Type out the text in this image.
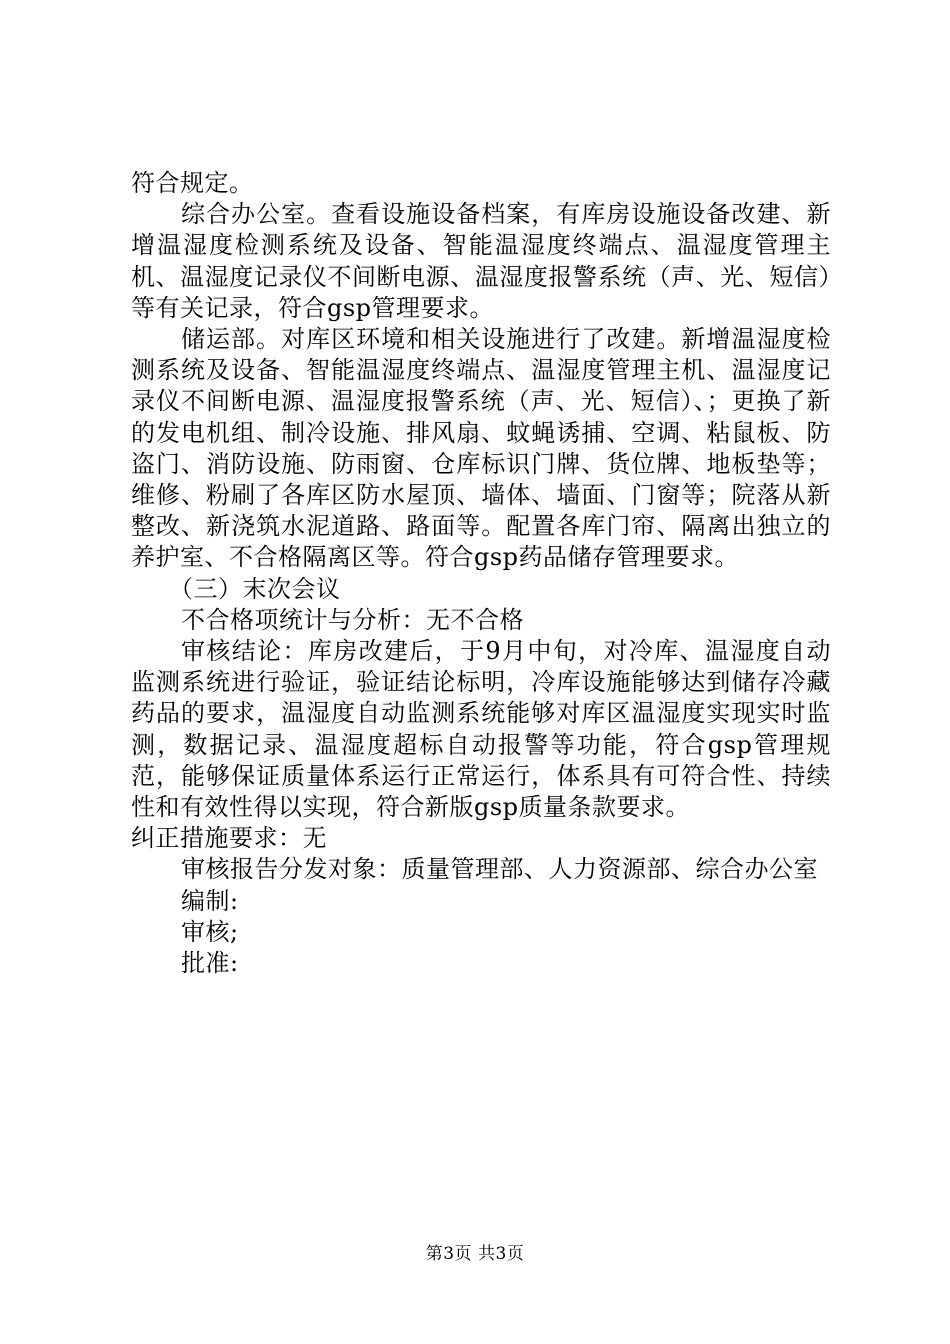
符合规定。

综合办公室。查看设施设备档案，有库房设施设备改建、新增温湿度检测系统及设备、智能温湿度终端点、温湿度管理主机、温湿度记录仪不间断电源、温湿度报警系统（声、光、短信）等有关记录，符合gsp管理要求。

储运部。对库区环境和相关设施进行了改建。新增温湿度检测系统及设备、智能温湿度终端点、温湿度管理主机、温湿度记录仪不间断电源、温湿度报警系统（声、光、短信）、；更换了新的发电机组、制冷设施、排风扇、蚊蝇诱捕、空调、粘鼠板、防盗门、消防设施、防雨窗、仓库标识门牌、货位牌、地板垫等；维修、粉刷了各库区防水屋顶、墙体、墙面、门窗等；院落从新整改、新浇筑水泥道路、路面等。配置各库门帘、隔离出独立的养护室、不合格隔离区等。符合gsp药品储存管理要求。

（三）末次会议

不合格项统计与分析：无不合格

审核结论：库房改建后，于9月中旬，对冷库、温湿度自动监测系统进行验证，验证结论标明，冷库设施能够达到储存冷藏药品的要求，温湿度自动监测系统能够对库区温湿度实现实时监测，数据记录、温湿度超标自动报警等功能，符合gsp管理规范，能够保证质量体系运行正常运行，体系具有可符合性、持续性和有效性得以实现，符合新版gsp质量条款要求。

纠正措施要求：无

审核报告分发对象：质量管理部、人力资源部、综合办公室

编制:

审核;

批准:

第3页 共3页
